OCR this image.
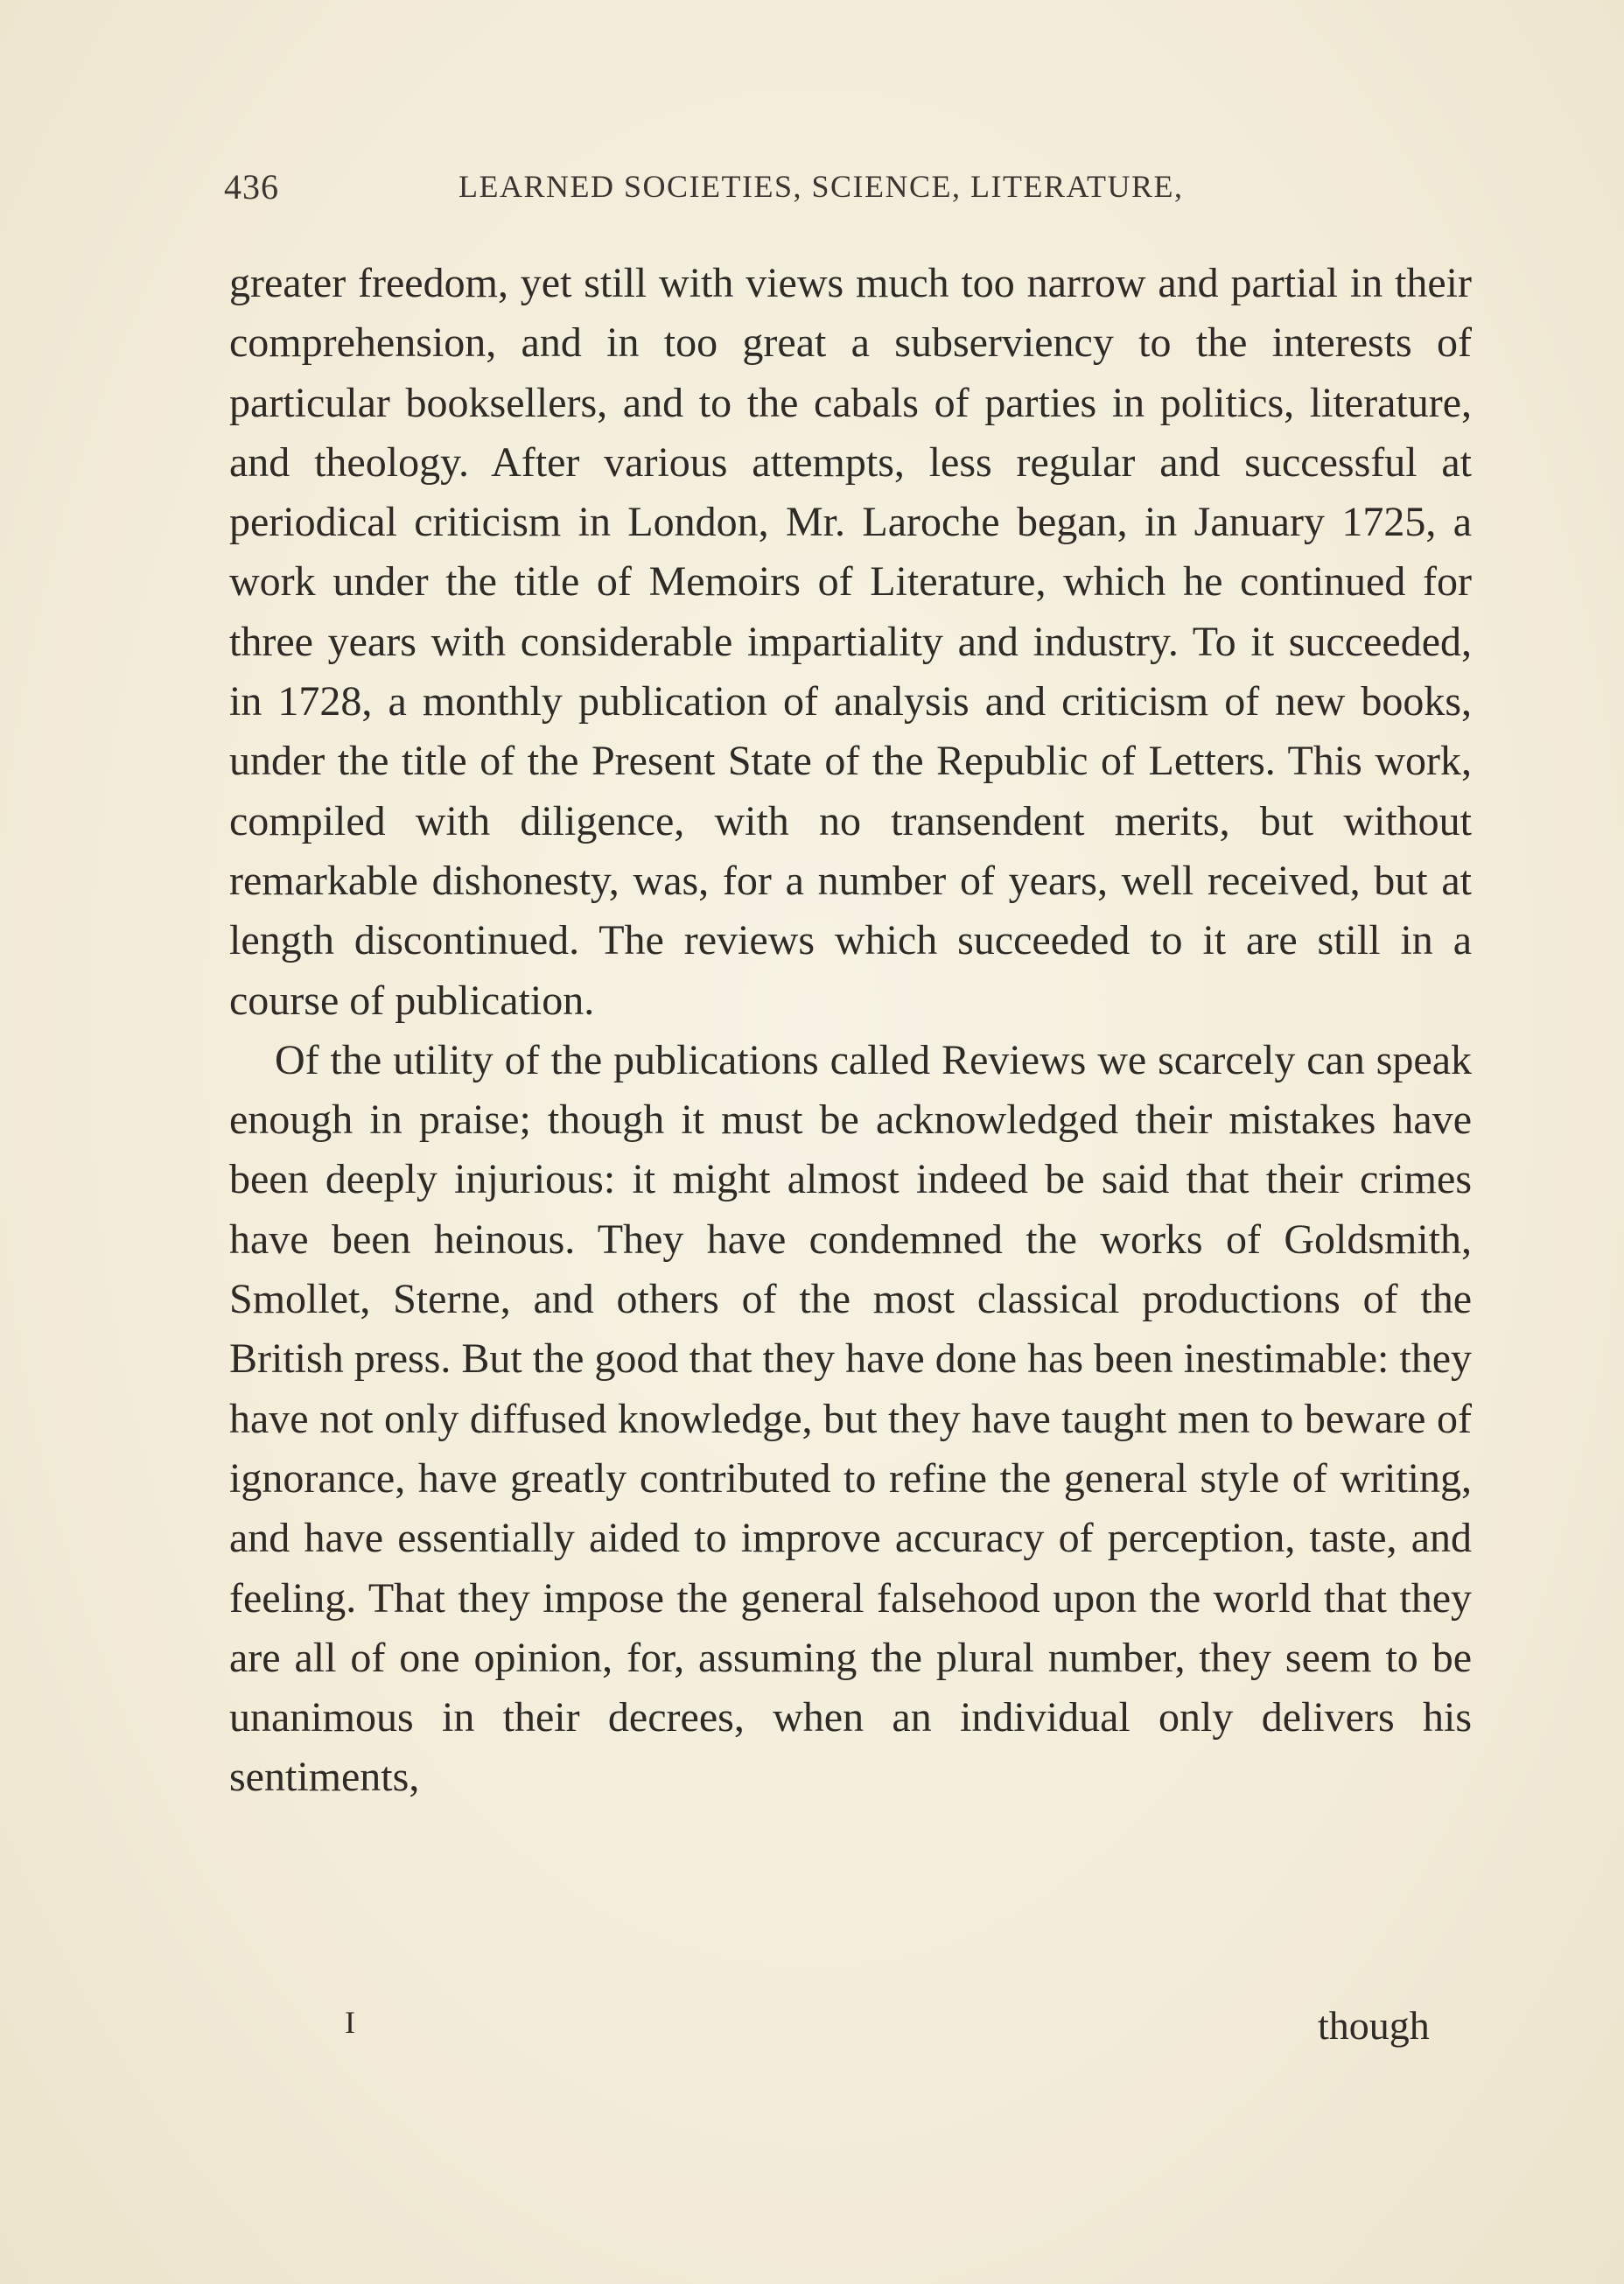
436	LEARNED SOCIETIES, SCIENCE, LITERATURE,

greater freedom, yet still with views much too narrow and partial in their comprehension, and in too great a subserviency to the interests of particular booksellers, and to the cabals of parties in politics, literature, and theology. After various attempts, less regular and successful at periodical criticism in London, Mr. Laroche began, in January 1725, a work under the title of Memoirs of Literature, which he continued for three years with considerable impartiality and industry. To it succeeded, in 1728, a monthly publication of analysis and criticism of new books, under the title of the Present State of the Republic of Letters. This work, compiled with diligence, with no transendent merits, but without remarkable dishonesty, was, for a number of years, well received, but at length discontinued. The reviews which succeeded to it are still in a course of publication.

Of the utility of the publications called Reviews we scarcely can speak enough in praise; though it must be acknowledged their mistakes have been deeply injurious: it might almost indeed be said that their crimes have been heinous. They have condemned the works of Goldsmith, Smollet, Sterne, and others of the most classical productions of the British press. But the good that they have done has been inestimable: they have not only diffused knowledge, but they have taught men to beware of ignorance, have greatly contributed to refine the general style of writing, and have essentially aided to improve accuracy of perception, taste, and feeling. That they impose the general falsehood upon the world that they are all of one opinion, for, assuming the plural number, they seem to be unanimous in their decrees, when an individual only delivers his sentiments,

I	though
